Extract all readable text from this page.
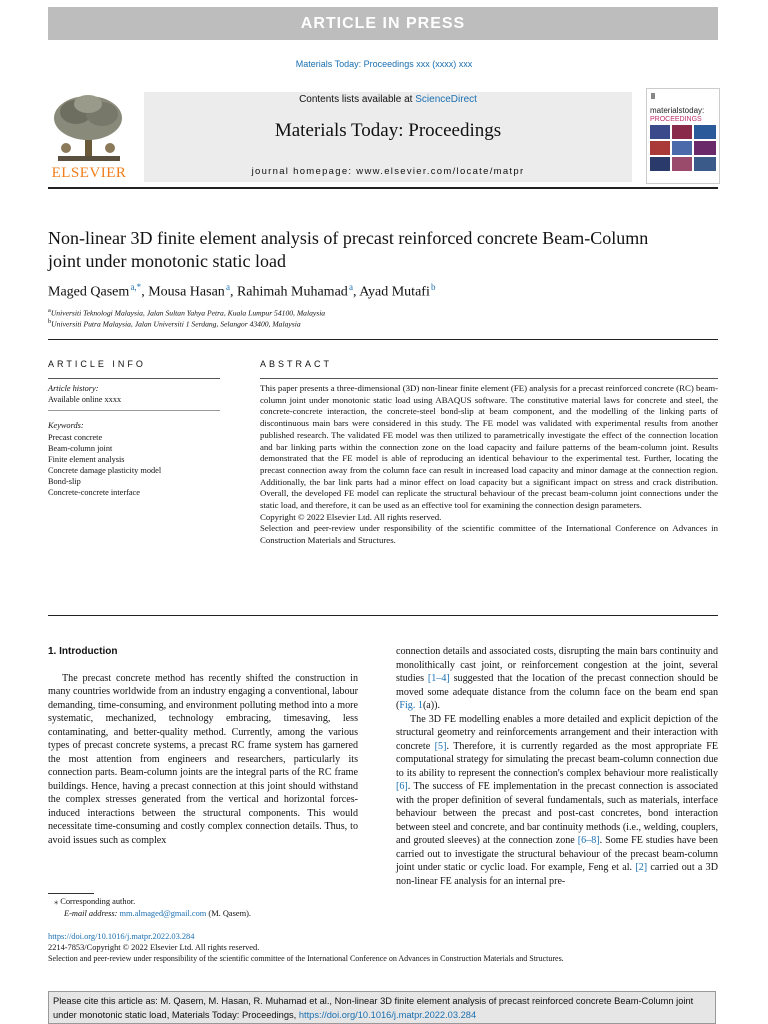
ARTICLE IN PRESS
Materials Today: Proceedings xxx (xxxx) xxx
ELSEVIER
Contents lists available at ScienceDirect
Materials Today: Proceedings
journal homepage: www.elsevier.com/locate/matpr
materialstoday:
PROCEEDINGS
Non-linear 3D finite element analysis of precast reinforced concrete Beam-Column joint under monotonic static load
Maged Qasem $^{a,*}$, Mousa Hasan $^a$, Rahimah Muhamad $^a$, Ayad Mutafi $^b$
$^a$Universiti Teknologi Malaysia, Jalan Sultan Yahya Petra, Kuala Lumpur 54100, Malaysia
$^b$Universiti Putra Malaysia, Jalan Universiti 1 Serdang, Selangor 43400, Malaysia
ARTICLE INFO	ABSTRACT
Article history:
Available online xxxx
Keywords:
Precast concrete
Beam-column joint
Finite element analysis
Concrete damage plasticity model
Bond-slip
Concrete-concrete interface

This paper presents a three-dimensional (3D) non-linear finite element (FE) analysis for a precast reinforced concrete (RC) beam-column joint under monotonic static load using ABAQUS software. The constitutive material laws for concrete and steel, the concrete-concrete interaction, the concrete-steel bond-slip at beam component, and the modelling of the linking parts of discontinuous main bars were considered in this study. The FE model was validated with experimental results from another published research. The validated FE model was then utilized to parametrically investigate the effect of the connection location and bar linking parts within the connection zone on the load capacity and failure patterns of the beam-column joint. Results demonstrated that the FE model is able of reproducing an identical behaviour to the experimental test. Further, locating the precast connection away from the column face can result in increased load capacity and minor damage at the connection region. Additionally, the bar link parts had a minor effect on load capacity but a significant impact on stress and crack distribution. Overall, the developed FE model can replicate the structural behaviour of the precast beam-column joint connections under the static load, and therefore, it can be used as an effective tool for examining the connection design parameters.

Copyright © 2022 Elsevier Ltd. All rights reserved.

Selection and peer-review under responsibility of the scientific committee of the International Conference on Advances in Construction Materials and Structures.

1. Introduction

The precast concrete method has recently shifted the construction in many countries worldwide from an industry engaging a conventional, labour demanding, time-consuming, and environment polluting method into a more systematic, mechanized, technology embracing, timesaving, less contaminating, and better-quality method. Currently, among the various types of precast concrete systems, a precast RC frame system has garnered the most attention from engineers and researchers, particularly its connection parts. Beam-column joints are the integral parts of the RC frame buildings. Hence, having a precast connection at this joint should withstand the complex stresses generated from the vertical and horizontal forces-induced interactions between the structural components. This would necessitate time-consuming and costly complex connection details. Thus, to avoid issues such as complex

connection details and associated costs, disrupting the main bars continuity and monolithically cast joint, or reinforcement congestion at the joint, several studies [1–4] suggested that the location of the precast connection should be moved some adequate distance from the column face on the beam end span (Fig. 1(a)).

The 3D FE modelling enables a more detailed and explicit depiction of the structural geometry and reinforcements arrangement and their interaction with concrete [5]. Therefore, it is currently regarded as the most appropriate FE computational strategy for simulating the precast beam-column connection due to its ability to represent the connection's complex behaviour more realistically [6]. The success of FE implementation in the precast connection is associated with the proper definition of several fundamentals, such as materials, interface behaviour between the precast and post-cast concretes, bond interaction between steel and concrete, and bar continuity methods (i.e., welding, couplers, and grouted sleeves) at the connection zone [6–8]. Some FE studies have been carried out to investigate the structural behaviour of the precast beam-column joint under static or cyclic load. For example, Feng et al. [2] carried out a 3D non-linear FE analysis for an internal pre-

⁎ Corresponding author.
E-mail address: mm.almaged@gmail.com (M. Qasem).
https://doi.org/10.1016/j.matpr.2022.03.284
2214-7853/Copyright © 2022 Elsevier Ltd. All rights reserved.
Selection and peer-review under responsibility of the scientific committee of the International Conference on Advances in Construction Materials and Structures.
Please cite this article as: M. Qasem, M. Hasan, R. Muhamad et al., Non-linear 3D finite element analysis of precast reinforced concrete Beam-Column joint under monotonic static load, Materials Today: Proceedings, https://doi.org/10.1016/j.matpr.2022.03.284
